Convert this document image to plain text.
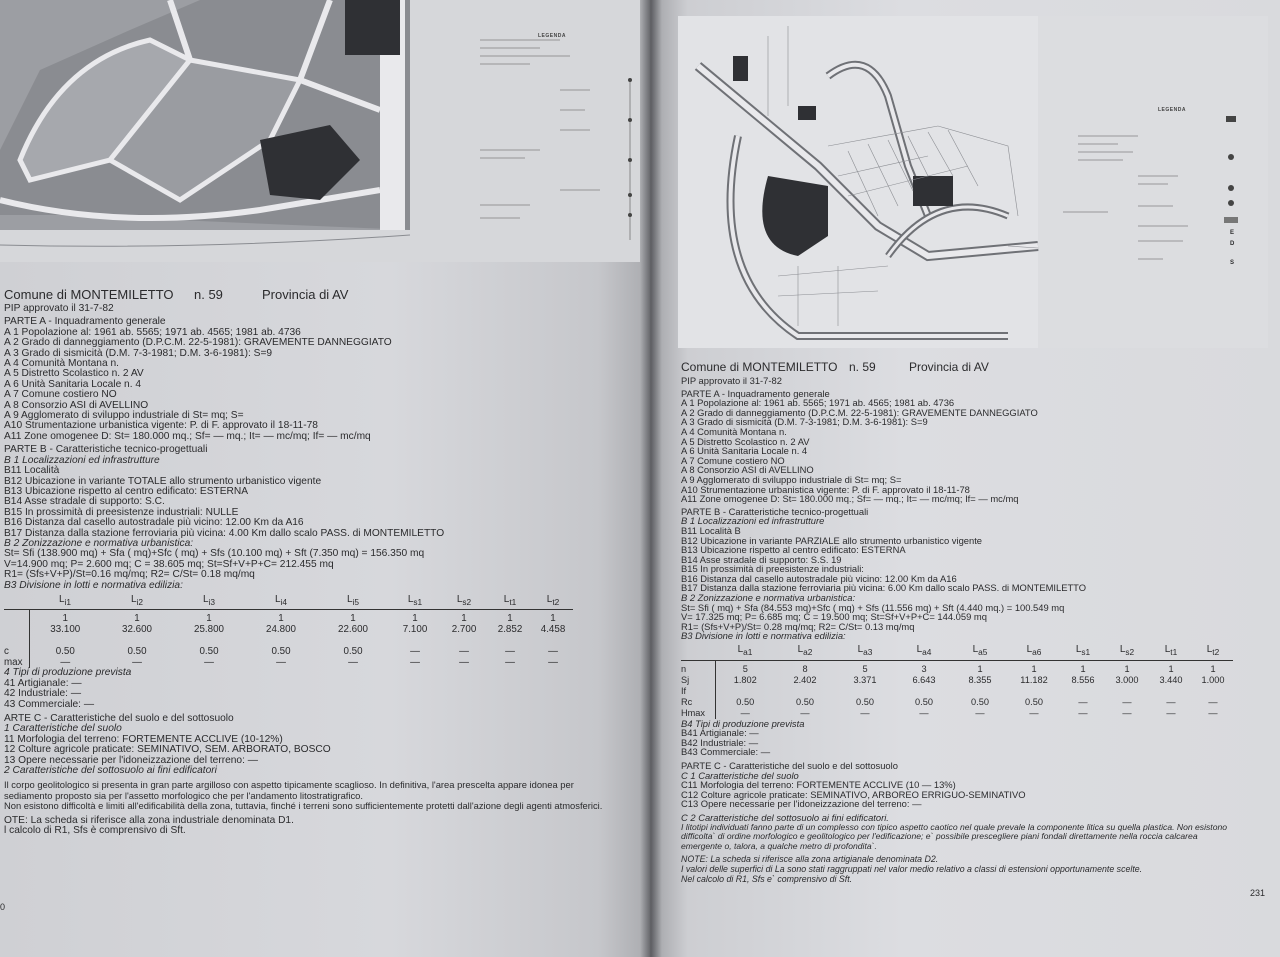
LEGENDA
Comune di MONTEMILETTO	n. 59	Provincia di AV

PIP approvato il 31-7-82

PARTE A - Inquadramento generale

A 1 Popolazione al: 1961 ab. 5565; 1971 ab. 4565; 1981 ab. 4736

A 2 Grado di danneggiamento (D.P.C.M. 22-5-1981): GRAVEMENTE DANNEGGIATO

A 3 Grado di sismicità (D.M. 7-3-1981; D.M. 3-6-1981): S=9

A 4 Comunità Montana n.

A 5 Distretto Scolastico n. 2 AV

A 6 Unità Sanitaria Locale n. 4

A 7 Comune costiero NO

A 8 Consorzio ASI di AVELLINO

A 9 Agglomerato di sviluppo industriale di St= mq; S=

A10 Strumentazione urbanistica vigente: P. di F. approvato il 18-11-78

A11 Zone omogenee D: St= 180.000 mq.; Sf= — mq.; It= — mc/mq; If= — mc/mq

PARTE B - Caratteristiche tecnico-progettuali

B 1 Localizzazioni ed infrastrutture

B11 Località

B12 Ubicazione in variante TOTALE allo strumento urbanistico vigente

B13 Ubicazione rispetto al centro edificato: ESTERNA

B14 Asse stradale di supporto: S.C.

B15 In prossimità di preesistenze industriali: NULLE

B16 Distanza dal casello autostradale più vicino: 12.00 Km da A16

B17 Distanza dalla stazione ferroviaria più vicina: 4.00 Km dallo scalo PASS. di MONTEMILETTO

B 2 Zonizzazione e normativa urbanistica:

St= Sfi (138.900 mq) + Sfa ( mq)+Sfc ( mq) + Sfs (10.100 mq) + Sft (7.350 mq) = 156.350 mq

V=14.900 mq; P= 2.600 mq; C = 38.605 mq; St=Sf+V+P+C= 212.455 mq

R1= (Sfs+V+P)/St=0.16 mq/mq; R2= C/St= 0.18 mq/mq

B3 Divisione in lotti e normativa edilizia:

	$L_{i1}$	$L_{i2}$	$L_{i3}$	$L_{i4}$	$L_{i5}$	$L_{s1}$	$L_{s2}$	$L_{t1}$	$L_{t2}$
	1	1	1	1	1	1	1	1	1
	33.100	32.600	25.800	24.800	22.600	7.100	2.700	2.852	4.458

c	0.50	0.50	0.50	0.50	0.50	—	—	—	—
max	—	—	—	—	—	—	—	—	—

4 Tipi di produzione prevista

41 Artigianale: —

42 Industriale: —

43 Commerciale: —

ARTE C - Caratteristiche del suolo e del sottosuolo

1 Caratteristiche del suolo

11 Morfologia del terreno: FORTEMENTE ACCLIVE (10-12%)

12 Colture agricole praticate: SEMINATIVO, SEM. ARBORATO, BOSCO

13 Opere necessarie per l'idoneizzazione del terreno: —

2 Caratteristiche del sottosuolo ai fini edificatori

Il corpo geolitologico si presenta in gran parte argilloso con aspetto tipicamente scaglioso. In definitiva, l'area prescelta appare idonea per

sediamento proposto sia per l'assetto morfologico che per l'andamento litostratigrafico.

Non esistono difficoltà e limiti all'edificabilità della zona, tuttavia, finché i terreni sono sufficientemente protetti dall'azione degli agenti atmosferici.

OTE: La scheda si riferisce alla zona industriale denominata D1.

l calcolo di R1, Sfs è comprensivo di Sft.

0
LEGENDA
E
D
S
Comune di MONTEMILETTO n. 59	Provincia di AV

PIP approvato il 31-7-82

PARTE A - Inquadramento generale

A 1 Popolazione al: 1961 ab. 5565; 1971 ab. 4565; 1981 ab. 4736

A 2 Grado di danneggiamento (D.P.C.M. 22-5-1981): GRAVEMENTE DANNEGGIATO

A 3 Grado di sismicità (D.M. 7-3-1981; D.M. 3-6-1981): S=9

A 4 Comunità Montana n.

A 5 Distretto Scolastico n. 2 AV

A 6 Unità Sanitaria Locale n. 4

A 7 Comune costiero NO

A 8 Consorzio ASI di AVELLINO

A 9 Agglomerato di sviluppo industriale di St= mq; S=

A10 Strumentazione urbanistica vigente: P. di F. approvato il 18-11-78

A11 Zone omogenee D: St= 180.000 mq.; Sf= — mq.; It= — mc/mq; If= — mc/mq

PARTE B - Caratteristiche tecnico-progettuali

B 1 Localizzazioni ed infrastrutture

B11 Località B

B12 Ubicazione in variante PARZIALE allo strumento urbanistico vigente

B13 Ubicazione rispetto al centro edificato: ESTERNA

B14 Asse stradale di supporto: S.S. 19

B15 In prossimità di preesistenze industriali:

B16 Distanza dal casello autostradale più vicino: 12.00 Km da A16

B17 Distanza dalla stazione ferroviaria più vicina: 6.00 Km dallo scalo PASS. di MONTEMILETTO

B 2 Zonizzazione e normativa urbanistica:

St= Sfi ( mq) + Sfa (84.553 mq)+Sfc ( mq) + Sfs (11.556 mq) + Sft (4.440 mq.) = 100.549 mq

V= 17.325 mq; P= 6.685 mq; C = 19.500 mq; St=Sf+V+P+C= 144.059 mq

R1= (Sfs+V+P)/St= 0.28 mq/mq; R2= C/St= 0.13 mq/mq

B3 Divisione in lotti e normativa edilizia:

	$L_{a1}$	$L_{a2}$	$L_{a3}$	$L_{a4}$	$L_{a5}$	$L_{a6}$	$L_{s1}$	$L_{s2}$	$L_{t1}$	$L_{t2}$
n	5	8	5	3	1	1	1	1	1	1
Sj	1.802	2.402	3.371	6.643	8.355	11.182	8.556	3.000	3.440	1.000
If										
Rc	0.50	0.50	0.50	0.50	0.50	0.50	—	—	—	—
Hmax	—	—	—	—	—	—	—	—	—	—

B4 Tipi di produzione prevista

B41 Artigianale: —

B42 Industriale: —

B43 Commerciale: —

PARTE C - Caratteristiche del suolo e del sottosuolo

C 1 Caratteristiche del suolo

C11 Morfologia del terreno: FORTEMENTE ACCLIVE (10 — 13%)

C12 Colture agricole praticate: SEMINATIVO, ARBOREO ERRIGUO-SEMINATIVO

C13 Opere necessarie per l'idoneizzazione del terreno: —

C 2 Caratteristiche del sottosuolo ai fini edificatori.

I litotipi individuati fanno parte di un complesso con tipico aspetto caotico nel quale prevale la componente litica su quella plastica. Non esistono

difficolta` di ordine morfologico e geolitologico per l'edificazione; e` possibile prescegliere piani fondali direttamente nella roccia calcarea

emergente o, talora, a qualche metro di profondita`.

NOTE: La scheda si riferisce alla zona artigianale denominata D2.

I valori delle superfici di La sono stati raggruppati nel valor medio relativo a classi di estensioni opportunamente scelte.

Nel calcolo di R1, Sfs e` comprensivo di Sft.

231
